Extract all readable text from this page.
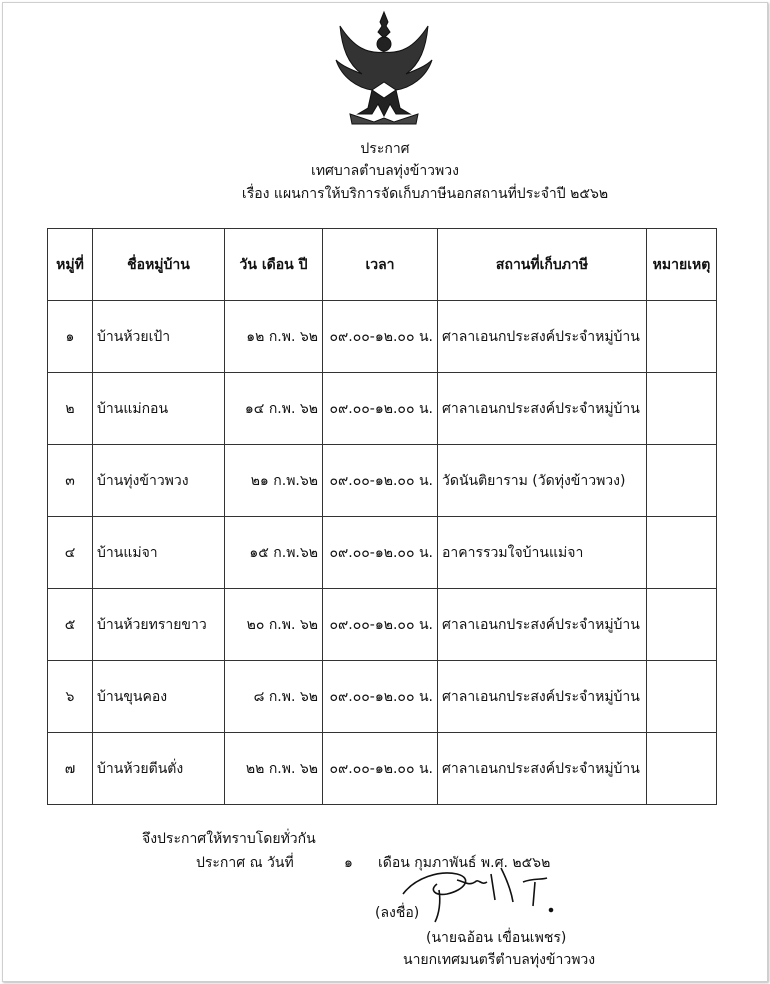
ประกาศ
เทศบาลตำบลทุ่งข้าวพวง
เรื่อง แผนการให้บริการจัดเก็บภาษีนอกสถานที่ประจำปี ๒๕๖๒
หมู่ที่	ชื่อหมู่บ้าน	วัน เดือน ปี	เวลา	สถานที่เก็บภาษี	หมายเหตุ
๑	บ้านห้วยเป้า	๑๒ ก.พ. ๖๒	๐๙.๐๐-๑๒.๐๐ น.	ศาลาเอนกประสงค์ประจำหมู่บ้าน	
๒	บ้านแม่กอน	๑๔ ก.พ. ๖๒	๐๙.๐๐-๑๒.๐๐ น.	ศาลาเอนกประสงค์ประจำหมู่บ้าน	
๓	บ้านทุ่งข้าวพวง	๒๑ ก.พ.๖๒	๐๙.๐๐-๑๒.๐๐ น.	วัดนันติยาราม (วัดทุ่งข้าวพวง)	
๔	บ้านแม่จา	๑๕ ก.พ.๖๒	๐๙.๐๐-๑๒.๐๐ น.	อาคารรวมใจบ้านแม่จา	
๕	บ้านห้วยทรายขาว	๒๐ ก.พ. ๖๒	๐๙.๐๐-๑๒.๐๐ น.	ศาลาเอนกประสงค์ประจำหมู่บ้าน	
๖	บ้านขุนคอง	๘ ก.พ. ๖๒	๐๙.๐๐-๑๒.๐๐ น.	ศาลาเอนกประสงค์ประจำหมู่บ้าน	
๗	บ้านห้วยตีนตั่ง	๒๒ ก.พ. ๖๒	๐๙.๐๐-๑๒.๐๐ น.	ศาลาเอนกประสงค์ประจำหมู่บ้าน	
จึงประกาศให้ทราบโดยทั่วกัน
ประกาศ ณ วันที่	๑ เดือน กุมภาพันธ์ พ.ศ. ๒๕๖๒
(ลงชื่อ)
(นายฉอ้อน เขื่อนเพชร)
นายกเทศมนตรีตำบลทุ่งข้าวพวง
